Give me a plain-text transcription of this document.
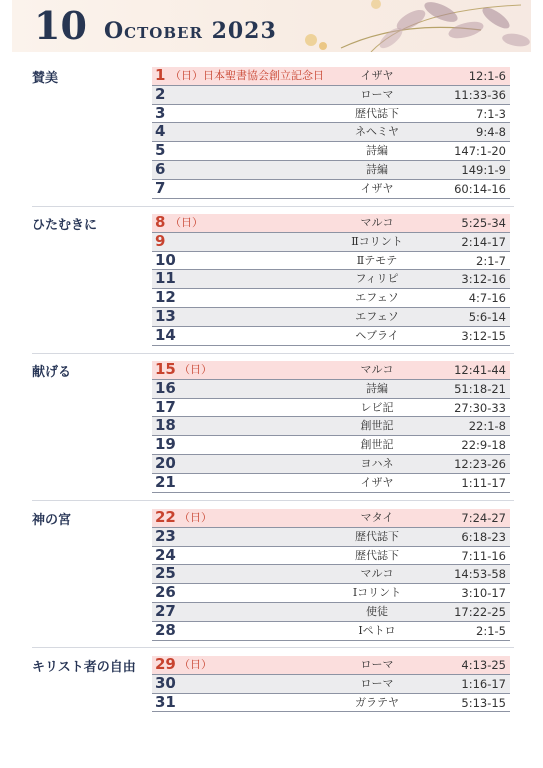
10 October 2023
賛美	1 （日）日本聖書協会創立記念日	イザヤ	12:1-6
2	ローマ	11:33-36
3	歴代誌下	7:1-3
4	ネヘミヤ	9:4-8
5	詩編	147:1-20
6	詩編	149:1-9
7	イザヤ	60:14-16
ひたむきに	8 （日）	マルコ	5:25-34
9	Ⅱコリント	2:14-17
10	Ⅱテモテ	2:1-7
11	フィリピ	3:12-16
12	エフェソ	4:7-16
13	エフェソ	5:6-14
14	ヘブライ	3:12-15
献げる	15 （日）	マルコ	12:41-44
16	詩編	51:18-21
17	レビ記	27:30-33
18	創世記	22:1-8
19	創世記	22:9-18
20	ヨハネ	12:23-26
21	イザヤ	1:11-17
神の宮	22 （日）	マタイ	7:24-27
23	歴代誌下	6:18-23
24	歴代誌下	7:11-16
25	マルコ	14:53-58
26	Ⅰコリント	3:10-17
27	使徒	17:22-25
28	Ⅰペトロ	2:1-5
キリスト者の自由 29 （日）	ローマ	4:13-25
30	ローマ	1:16-17
31	ガラテヤ	5:13-15
